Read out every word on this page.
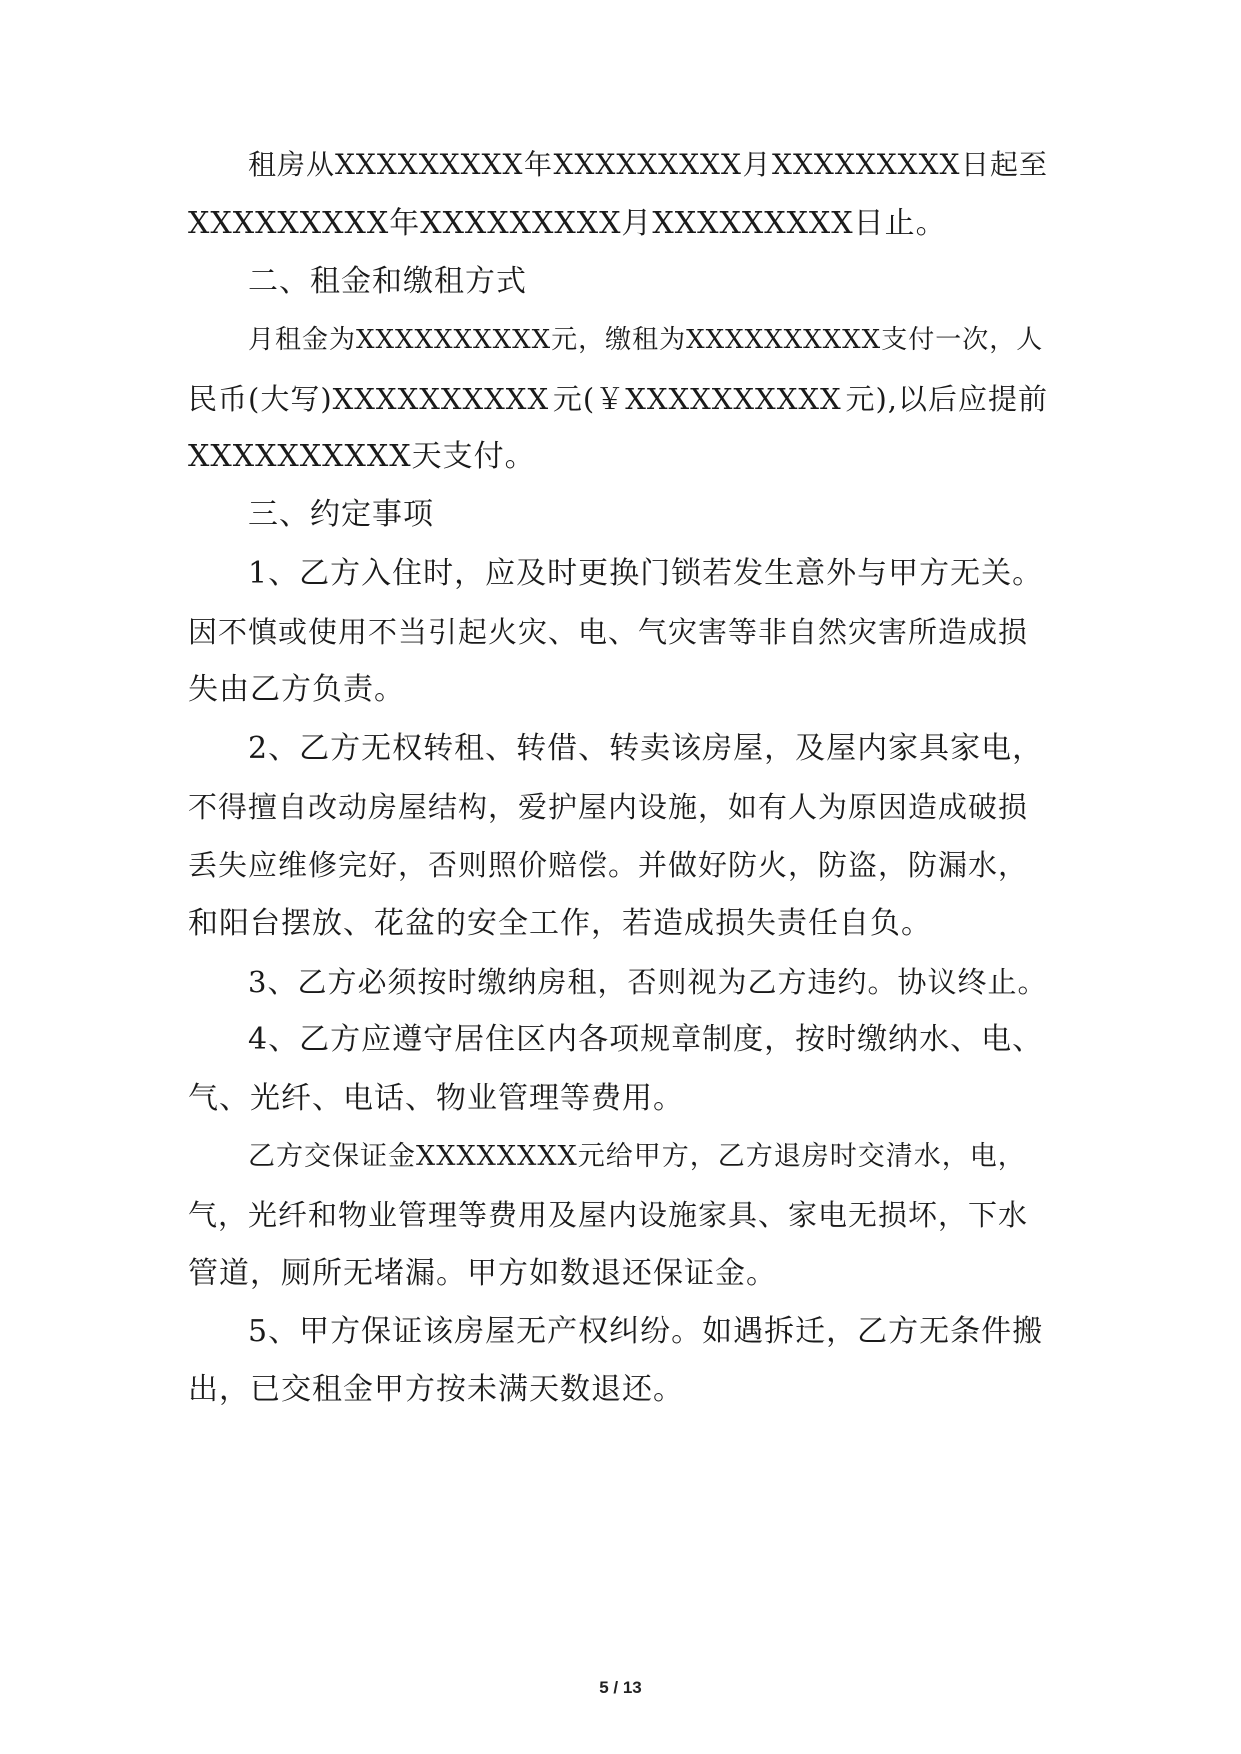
租房从XXXXXXXXX 年 XXXXXXXXX 月 XXXXXXXXX 日起至
XXXXXXXXX年XXXXXXXXX月XXXXXXXXX日止。
二、租金和缴租方式
月租金为XXXXXXXXXX元，缴租为XXXXXXXXXX支付一次，人
民币(大写)XXXXXXXXXX 元(￥XXXXXXXXXX 元),以后应提前
XXXXXXXXXX天支付。
三、约定事项
1、乙方入住时，应及时更换门锁若发生意外与甲方无关。
因不慎或使用不当引起火灾、电、气灾害等非自然灾害所造成损
失由乙方负责。
2、乙方无权转租、转借、转卖该房屋，及屋内家具家电，
不得擅自改动房屋结构，爱护屋内设施，如有人为原因造成破损
丢失应维修完好，否则照价赔偿。并做好防火，防盗，防漏水，
和阳台摆放、花盆的安全工作，若造成损失责任自负。
3、乙方必须按时缴纳房租，否则视为乙方违约。协议终止。
4、乙方应遵守居住区内各项规章制度，按时缴纳水、电、
气、光纤、电话、物业管理等费用。
乙方交保证金XXXXXXXX元给甲方，乙方退房时交清水，电，
气，光纤和物业管理等费用及屋内设施家具、家电无损坏，下水
管道，厕所无堵漏。甲方如数退还保证金。
5、甲方保证该房屋无产权纠纷。如遇拆迁，乙方无条件搬
出，已交租金甲方按未满天数退还。
5 / 13
